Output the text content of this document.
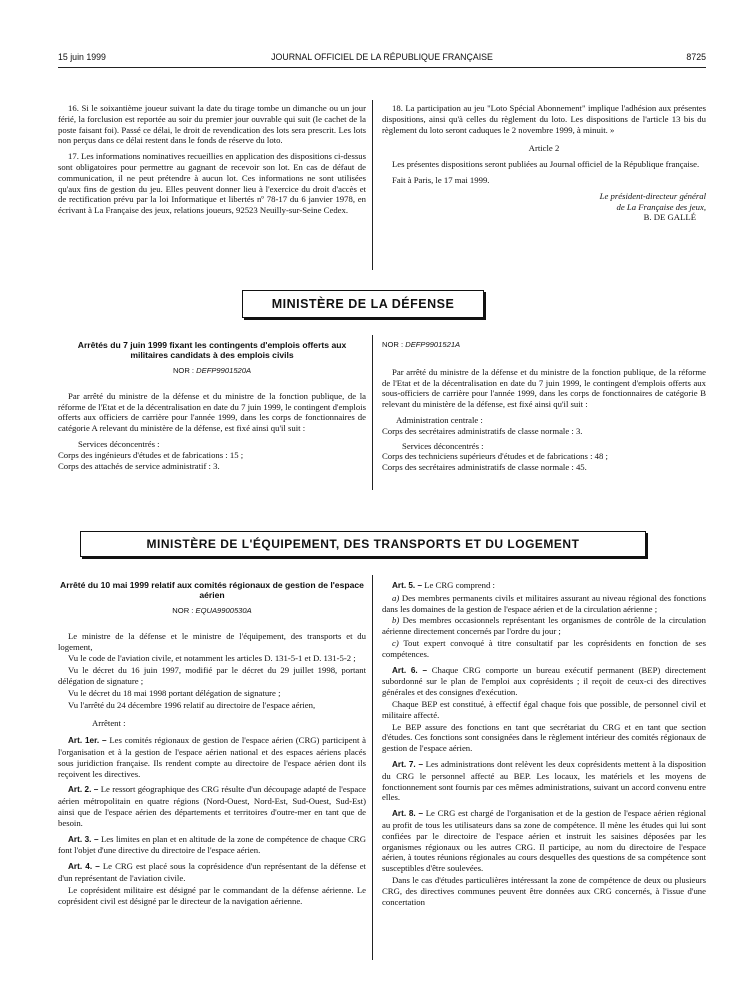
15 juin 1999	JOURNAL OFFICIEL DE LA RÉPUBLIQUE FRANÇAISE	8725

16. Si le soixantième joueur suivant la date du tirage tombe un dimanche ou un jour férié, la forclusion est reportée au soir du premier jour ouvrable qui suit (le cachet de la poste faisant foi). Passé ce délai, le droit de revendication des lots sera prescrit. Les lots non perçus dans ce délai restent dans le fonds de réserve du loto.

17. Les informations nominatives recueillies en application des dispositions ci-dessus sont obligatoires pour permettre au gagnant de recevoir son lot. En cas de défaut de communication, il ne peut prétendre à aucun lot. Ces informations ne sont utilisées qu'aux fins de gestion du jeu. Elles peuvent donner lieu à l'exercice du droit d'accès et de rectification prévu par la loi Informatique et libertés nº 78-17 du 6 janvier 1978, en écrivant à La Française des jeux, relations joueurs, 92523 Neuilly-sur-Seine Cedex.

18. La participation au jeu "Loto Spécial Abonnement" implique l'adhésion aux présentes dispositions, ainsi qu'à celles du règlement du loto. Les dispositions de l'article 13 bis du règlement du loto seront caduques le 2 novembre 1999, à minuit. »

Article 2

Les présentes dispositions seront publiées au Journal officiel de la République française.

Fait à Paris, le 17 mai 1999.

Le président-directeur général

de La Française des jeux,

B. DE GALLÉ

MINISTÈRE DE LA DÉFENSE
Arrêtés du 7 juin 1999 fixant les contingents d'emplois offerts aux militaires candidats à des emplois civils
NOR : DEFP9901520A

Par arrêté du ministre de la défense et du ministre de la fonction publique, de la réforme de l'Etat et de la décentralisation en date du 7 juin 1999, le contingent d'emplois offerts aux officiers de carrière pour l'année 1999, dans les corps de fonctionnaires de catégorie A relevant du ministère de la défense, est fixé ainsi qu'il suit :

Services déconcentrés :

Corps des ingénieurs d'études et de fabrications : 15 ;

Corps des attachés de service administratif : 3.

NOR : DEFP9901521A

Par arrêté du ministre de la défense et du ministre de la fonction publique, de la réforme de l'Etat et de la décentralisation en date du 7 juin 1999, le contingent d'emplois offerts aux sous-officiers de carrière pour l'année 1999, dans les corps de fonctionnaires de catégorie B relevant du ministère de la défense, est fixé ainsi qu'il suit :

Administration centrale :

Corps des secrétaires administratifs de classe normale : 3.

Services déconcentrés :

Corps des techniciens supérieurs d'études et de fabrications : 48 ;

Corps des secrétaires administratifs de classe normale : 45.

MINISTÈRE DE L'ÉQUIPEMENT, DES TRANSPORTS ET DU LOGEMENT
Arrêté du 10 mai 1999 relatif aux comités régionaux de gestion de l'espace aérien
NOR : EQUA9900530A

Le ministre de la défense et le ministre de l'équipement, des transports et du logement,

Vu le code de l'aviation civile, et notamment les articles D. 131-5-1 et D. 131-5-2 ;

Vu le décret du 16 juin 1997, modifié par le décret du 29 juillet 1998, portant délégation de signature ;

Vu le décret du 18 mai 1998 portant délégation de signature ;

Vu l'arrêté du 24 décembre 1996 relatif au directoire de l'espace aérien,

Arrêtent :

Art. 1er. – Les comités régionaux de gestion de l'espace aérien (CRG) participent à l'organisation et à la gestion de l'espace aérien national et des espaces aériens placés sous juridiction française. Ils rendent compte au directoire de l'espace aérien dont ils reçoivent les directives.

Art. 2. – Le ressort géographique des CRG résulte d'un découpage adapté de l'espace aérien métropolitain en quatre régions (Nord-Ouest, Nord-Est, Sud-Ouest, Sud-Est) ainsi que de l'espace aérien des départements et territoires d'outre-mer en tant que de besoin.

Art. 3. – Les limites en plan et en altitude de la zone de compétence de chaque CRG font l'objet d'une directive du directoire de l'espace aérien.

Art. 4. – Le CRG est placé sous la coprésidence d'un représentant de la défense et d'un représentant de l'aviation civile.

Le coprésident militaire est désigné par le commandant de la défense aérienne. Le coprésident civil est désigné par le directeur de la navigation aérienne.

Art. 5. – Le CRG comprend :

a) Des membres permanents civils et militaires assurant au niveau régional des fonctions dans les domaines de la gestion de l'espace aérien et de la circulation aérienne ;

b) Des membres occasionnels représentant les organismes de contrôle de la circulation aérienne directement concernés par l'ordre du jour ;

c) Tout expert convoqué à titre consultatif par les coprésidents en fonction de ses compétences.

Art. 6. – Chaque CRG comporte un bureau exécutif permanent (BEP) directement subordonné sur le plan de l'emploi aux coprésidents ; il reçoit de ceux-ci des directives générales et des consignes d'exécution.

Chaque BEP est constitué, à effectif égal chaque fois que possible, de personnel civil et militaire affecté.

Le BEP assure des fonctions en tant que secrétariat du CRG et en tant que section d'études. Ces fonctions sont consignées dans le règlement intérieur des comités régionaux de gestion de l'espace aérien.

Art. 7. – Les administrations dont relèvent les deux coprésidents mettent à la disposition du CRG le personnel affecté au BEP. Les locaux, les matériels et les moyens de fonctionnement sont fournis par ces mêmes administrations, suivant un accord convenu entre elles.

Art. 8. – Le CRG est chargé de l'organisation et de la gestion de l'espace aérien régional au profit de tous les utilisateurs dans sa zone de compétence. Il mène les études qui lui sont confiées par le directoire de l'espace aérien et instruit les saisines déposées par les organismes régionaux ou les autres CRG. Il participe, au nom du directoire de l'espace aérien, à toutes réunions régionales au cours desquelles des questions de sa compétence sont susceptibles d'être soulevées.

Dans le cas d'études particulières intéressant la zone de compétence de deux ou plusieurs CRG, des directives communes peuvent être données aux CRG concernés, à l'issue d'une concertation
